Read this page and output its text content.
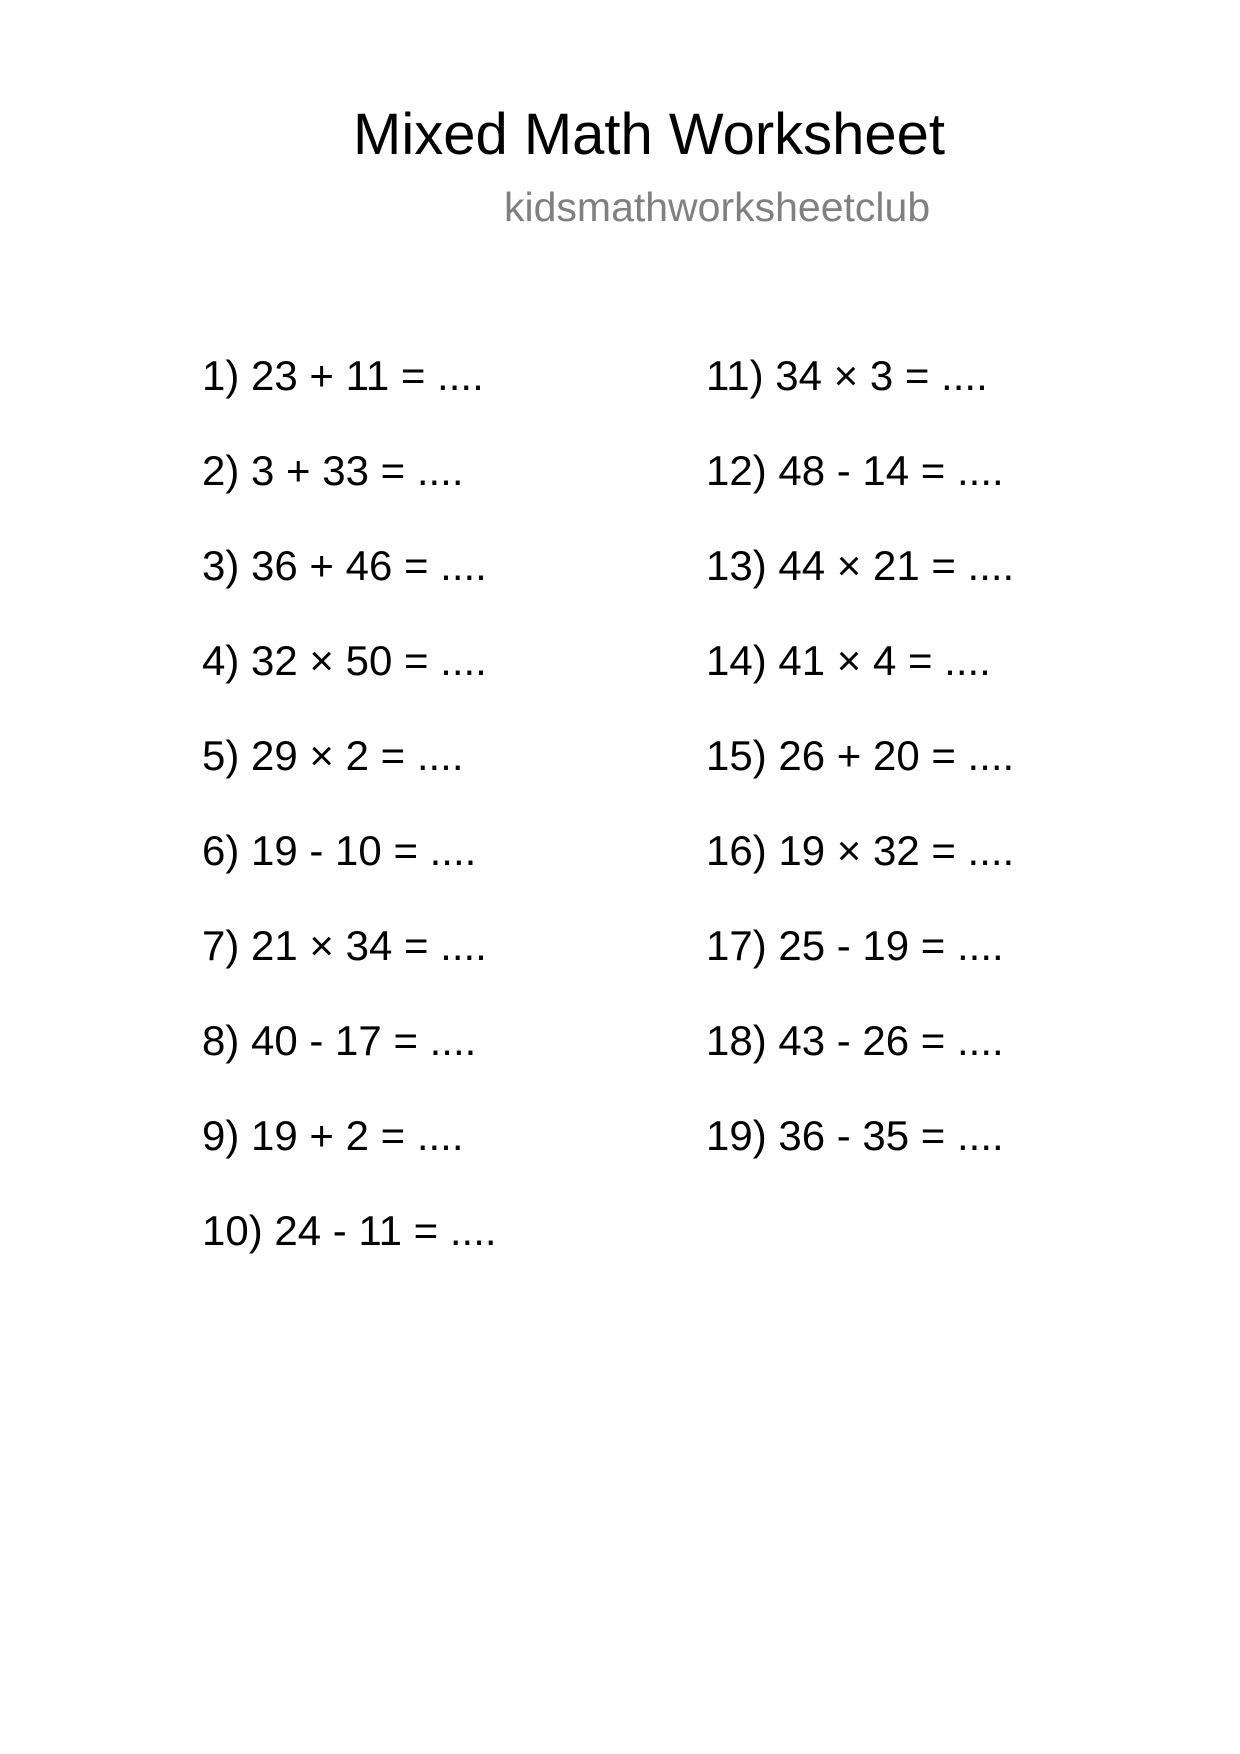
Mixed Math Worksheet
kidsmathworksheetclub
1) 23 + 11 = ....
2) 3 + 33 = ....
3) 36 + 46 = ....
4) 32 × 50 = ....
5) 29 × 2 = ....
6) 19 - 10 = ....
7) 21 × 34 = ....
8) 40 - 17 = ....
9) 19 + 2 = ....
10) 24 - 11 = ....
11) 34 × 3 = ....
12) 48 - 14 = ....
13) 44 × 21 = ....
14) 41 × 4 = ....
15) 26 + 20 = ....
16) 19 × 32 = ....
17) 25 - 19 = ....
18) 43 - 26 = ....
19) 36 - 35 = ....
